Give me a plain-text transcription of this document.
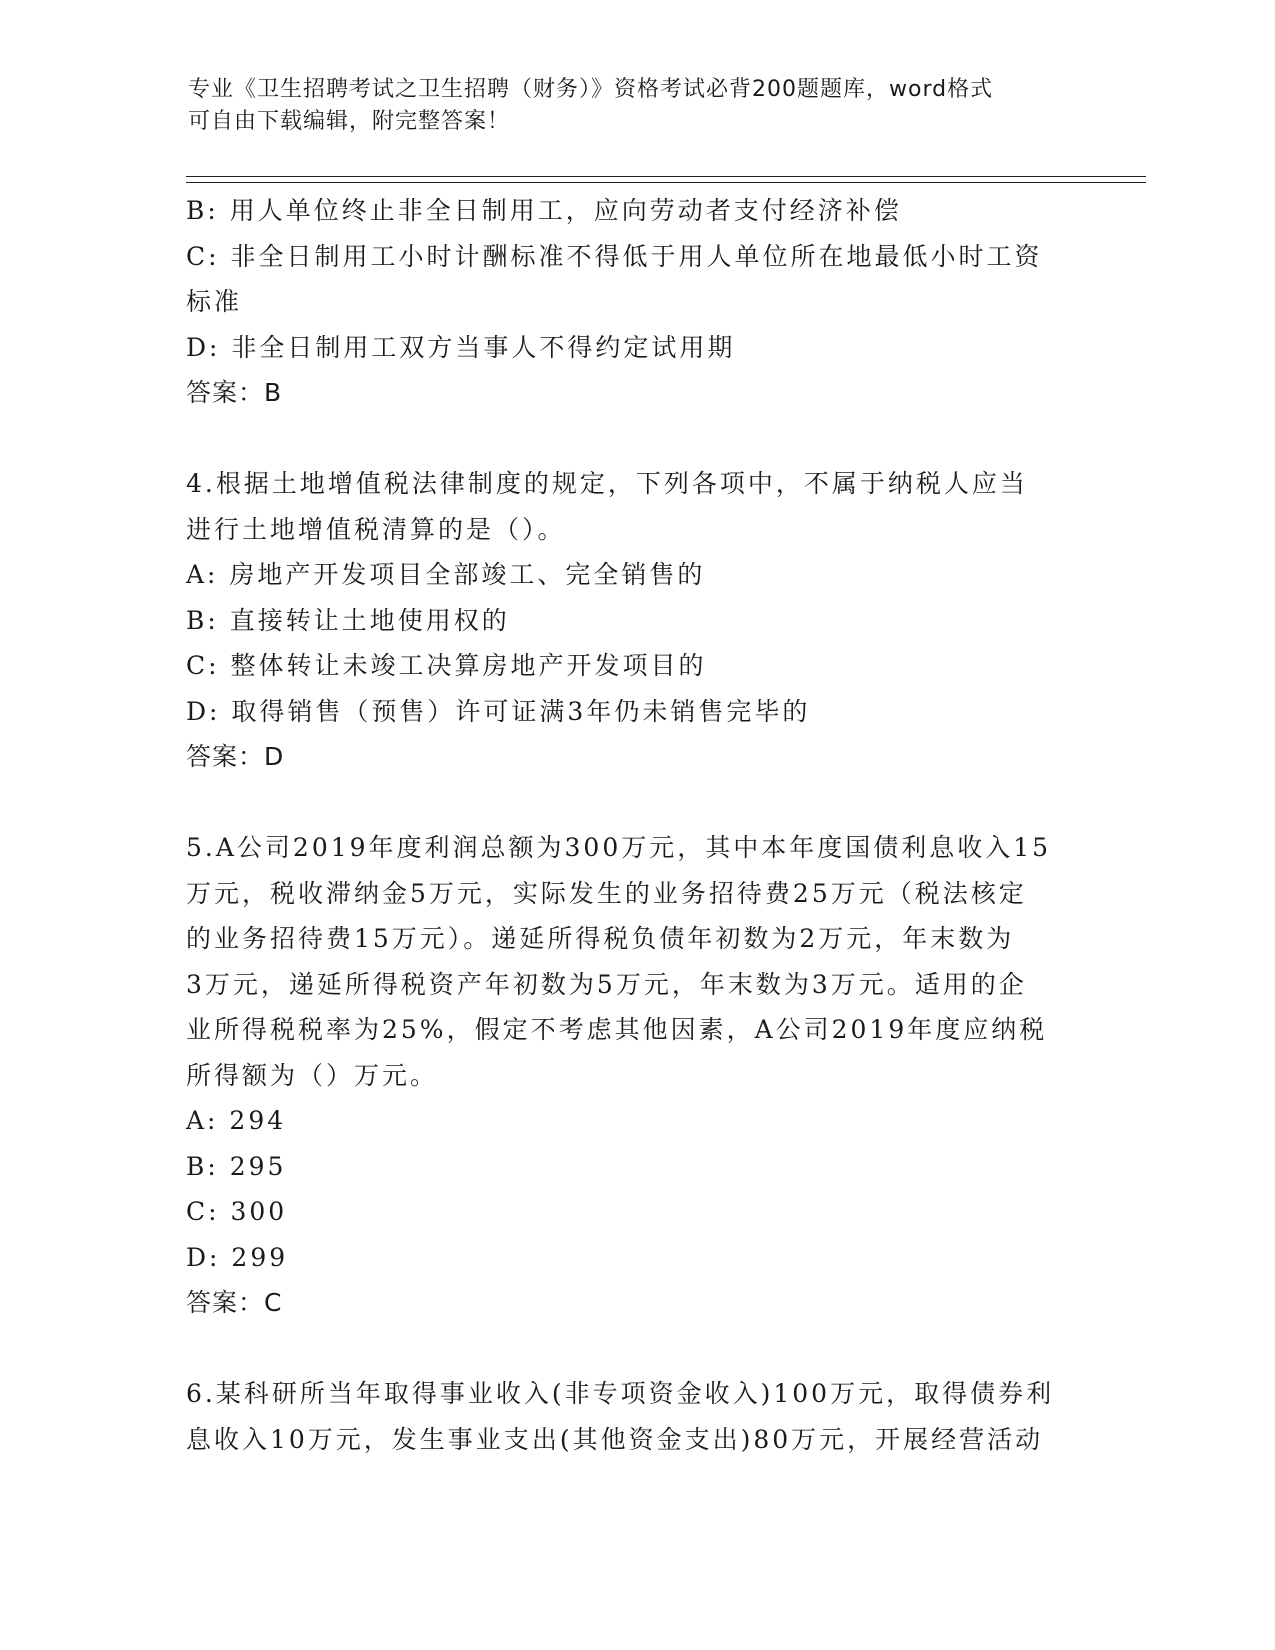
专业《卫生招聘考试之卫生招聘（财务）》资格考试必背200题题库，word格式
可自由下载编辑，附完整答案！
B: 用人单位终止非全日制用工，应向劳动者支付经济补偿
C: 非全日制用工小时计酬标准不得低于用人单位所在地最低小时工资
标准
D: 非全日制用工双方当事人不得约定试用期
答案：B
4.根据土地增值税法律制度的规定，下列各项中，不属于纳税人应当
进行土地增值税清算的是（）。
A: 房地产开发项目全部竣工、完全销售的
B: 直接转让土地使用权的
C: 整体转让未竣工决算房地产开发项目的
D: 取得销售（预售）许可证满3年仍未销售完毕的
答案：D
5.A公司2019年度利润总额为300万元，其中本年度国债利息收入15
万元，税收滞纳金5万元，实际发生的业务招待费25万元（税法核定
的业务招待费15万元）。递延所得税负债年初数为2万元，年末数为
3万元，递延所得税资产年初数为5万元，年末数为3万元。适用的企
业所得税税率为25%，假定不考虑其他因素，A公司2019年度应纳税
所得额为（）万元。
A: 294
B: 295
C: 300
D: 299
答案：C
6.某科研所当年取得事业收入(非专项资金收入)100万元，取得债券利
息收入10万元，发生事业支出(其他资金支出)80万元，开展经营活动
